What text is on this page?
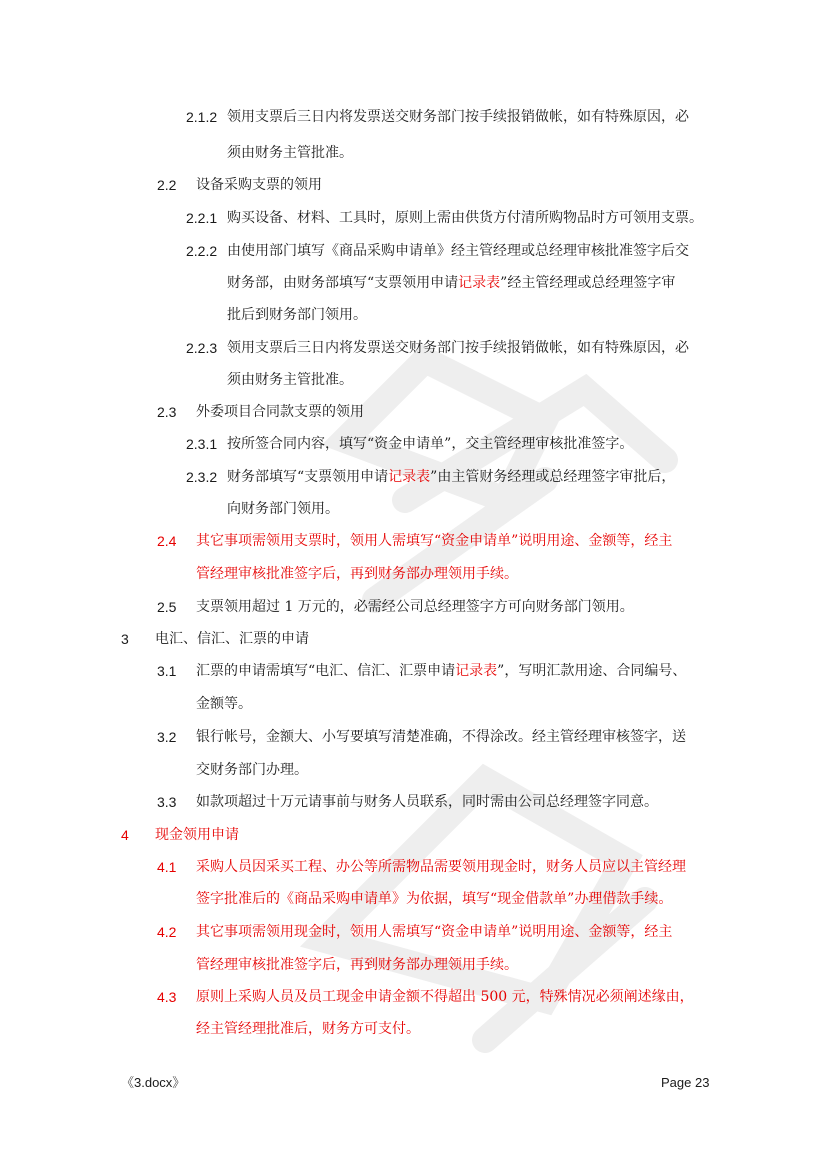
2.1.2 领用支票后三日内将发票送交财务部门按手续报销做帐，如有特殊原因，必
须由财务主管批准。
2.2 设备采购支票的领用
2.2.1 购买设备、材料、工具时，原则上需由供货方付清所购物品时方可领用支票。
2.2.2 由使用部门填写《商品采购申请单》经主管经理或总经理审核批准签字后交
财务部，由财务部填写“支票领用申请记录表”经主管经理或总经理签字审
批后到财务部门领用。
2.2.3 领用支票后三日内将发票送交财务部门按手续报销做帐，如有特殊原因，必
须由财务主管批准。
2.3 外委项目合同款支票的领用
2.3.1 按所签合同内容，填写“资金申请单”，交主管经理审核批准签字。
2.3.2 财务部填写“支票领用申请记录表”由主管财务经理或总经理签字审批后，
向财务部门领用。
2.4 其它事项需领用支票时，领用人需填写“资金申请单”说明用途、金额等，经主
管经理审核批准签字后，再到财务部办理领用手续。
2.5 支票领用超过 1 万元的，必需经公司总经理签字方可向财务部门领用。
3 电汇、信汇、汇票的申请
3.1 汇票的申请需填写“电汇、信汇、汇票申请记录表”，写明汇款用途、合同编号、
金额等。
3.2 银行帐号，金额大、小写要填写清楚准确，不得涂改。经主管经理审核签字，送
交财务部门办理。
3.3 如款项超过十万元请事前与财务人员联系，同时需由公司总经理签字同意。
4 现金领用申请
4.1 采购人员因采买工程、办公等所需物品需要领用现金时，财务人员应以主管经理
签字批准后的《商品采购申请单》为依据，填写“现金借款单”办理借款手续。
4.2 其它事项需领用现金时，领用人需填写“资金申请单”说明用途、金额等，经主
管经理审核批准签字后，再到财务部办理领用手续。
4.3 原则上采购人员及员工现金申请金额不得超出 500 元，特殊情况必须阐述缘由，
经主管经理批准后，财务方可支付。
《3.docx》	Page 23
